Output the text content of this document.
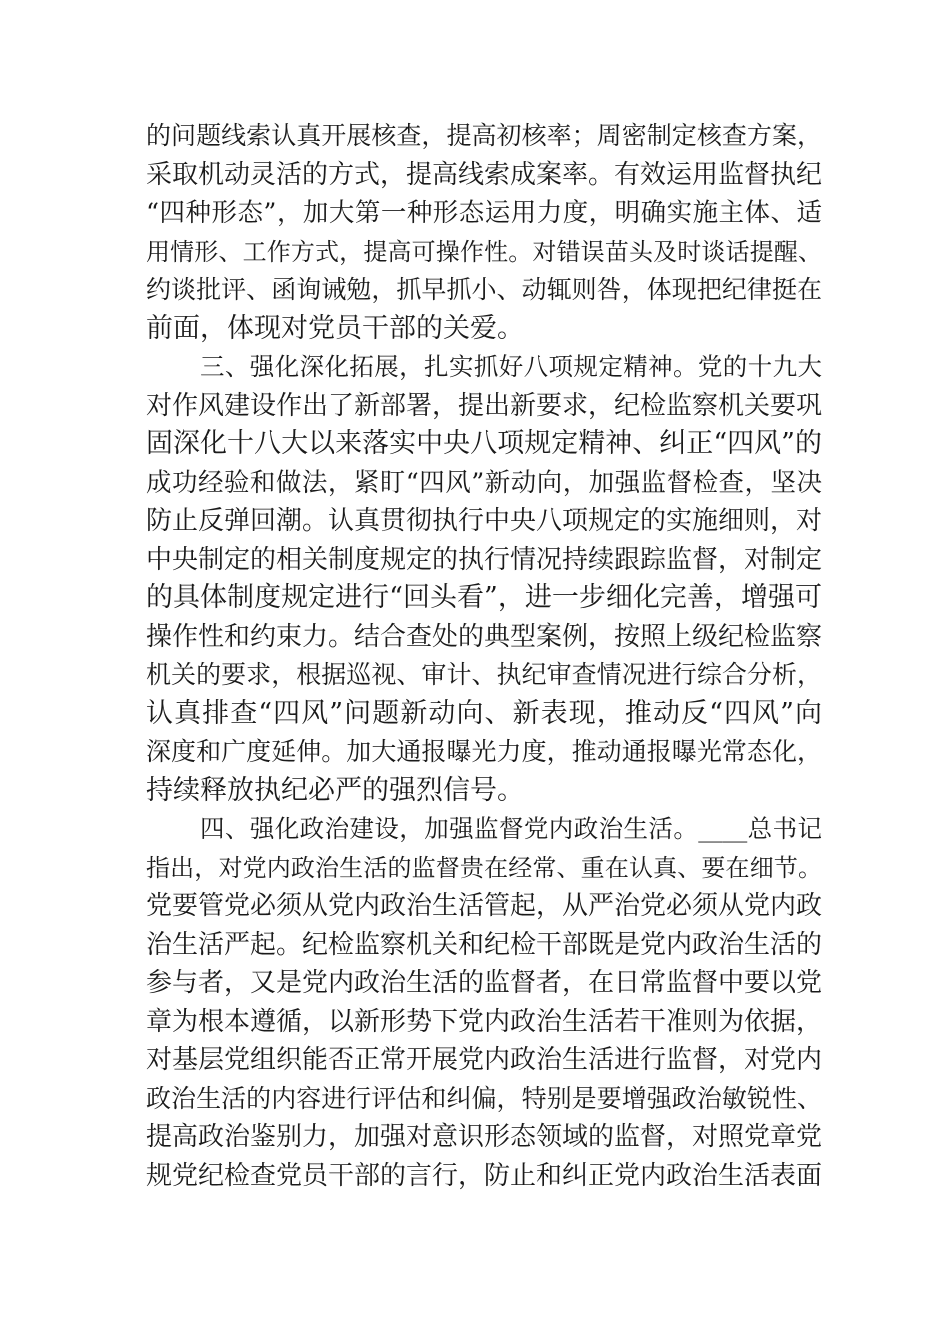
的问题线索认真开展核查，提高初核率；周密制定核查方案，
采取机动灵活的方式，提高线索成案率。有效运用监督执纪
“四种形态”，加大第一种形态运用力度，明确实施主体、适
用情形、工作方式，提高可操作性。对错误苗头及时谈话提醒、
约谈批评、函询诫勉，抓早抓小、动辄则咎，体现把纪律挺在
前面，体现对党员干部的关爱。
三、强化深化拓展，扎实抓好八项规定精神。党的十九大
对作风建设作出了新部署，提出新要求，纪检监察机关要巩
固深化十八大以来落实中央八项规定精神、纠正“四风”的
成功经验和做法，紧盯“四风”新动向，加强监督检查，坚决
防止反弹回潮。认真贯彻执行中央八项规定的实施细则，对
中央制定的相关制度规定的执行情况持续跟踪监督，对制定
的具体制度规定进行“回头看”，进一步细化完善，增强可
操作性和约束力。结合查处的典型案例，按照上级纪检监察
机关的要求，根据巡视、审计、执纪审查情况进行综合分析，
认真排查“四风”问题新动向、新表现，推动反“四风”向
深度和广度延伸。加大通报曝光力度，推动通报曝光常态化，
持续释放执纪必严的强烈信号。
四、强化政治建设，加强监督党内政治生活。____总书记
指出，对党内政治生活的监督贵在经常、重在认真、要在细节。
党要管党必须从党内政治生活管起，从严治党必须从党内政
治生活严起。纪检监察机关和纪检干部既是党内政治生活的
参与者，又是党内政治生活的监督者，在日常监督中要以党
章为根本遵循，以新形势下党内政治生活若干准则为依据，
对基层党组织能否正常开展党内政治生活进行监督，对党内
政治生活的内容进行评估和纠偏，特别是要增强政治敏锐性、
提高政治鉴别力，加强对意识形态领域的监督，对照党章党
规党纪检查党员干部的言行，防止和纠正党内政治生活表面
